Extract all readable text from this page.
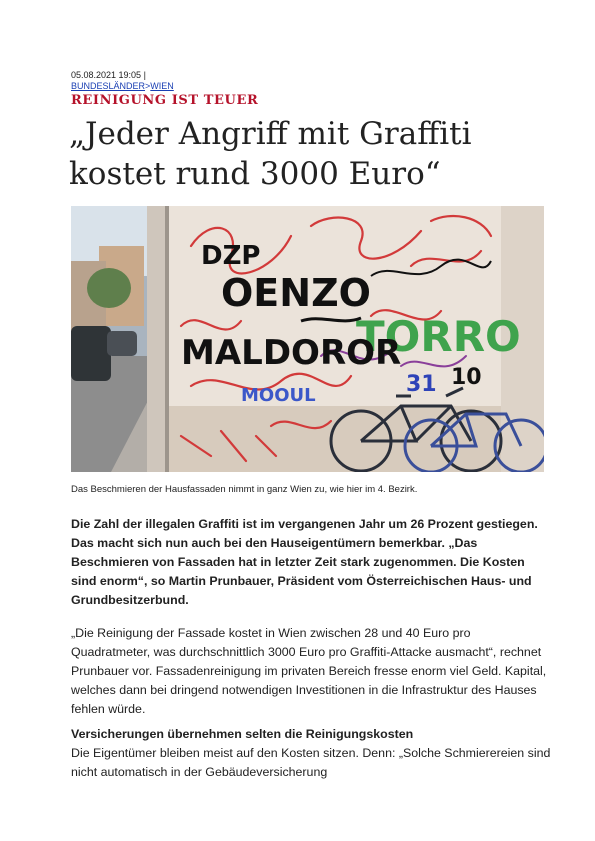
05.08.2021 19:05 |
BUNDESLÄNDER>WIEN
REINIGUNG IST TEUER
„Jeder Angriff mit Graffiti kostet rund 3000 Euro“
TORRO
DZP
OENZO
MALDOROR
MOOUL	31 10
Das Beschmieren der Hausfassaden nimmt in ganz Wien zu, wie hier im 4. Bezirk.

Die Zahl der illegalen Graffiti ist im vergangenen Jahr um 26 Prozent gestiegen. Das macht sich nun auch bei den Hauseigentümern bemerkbar. „Das Beschmieren von Fassaden hat in letzter Zeit stark zugenommen. Die Kosten sind enorm“, so Martin Prunbauer, Präsident vom Österreichischen Haus- und Grundbesitzerbund.

„Die Reinigung der Fassade kostet in Wien zwischen 28 und 40 Euro pro Quadratmeter, was durchschnittlich 3000 Euro pro Graffiti-Attacke ausmacht“, rechnet Prunbauer vor. Fassadenreinigung im privaten Bereich fresse enorm viel Geld. Kapital, welches dann bei dringend notwendigen Investitionen in die Infrastruktur des Hauses fehlen würde.

Versicherungen übernehmen selten die Reinigungskosten

Die Eigentümer bleiben meist auf den Kosten sitzen. Denn: „Solche Schmierereien sind nicht automatisch in der Gebäudeversicherung
